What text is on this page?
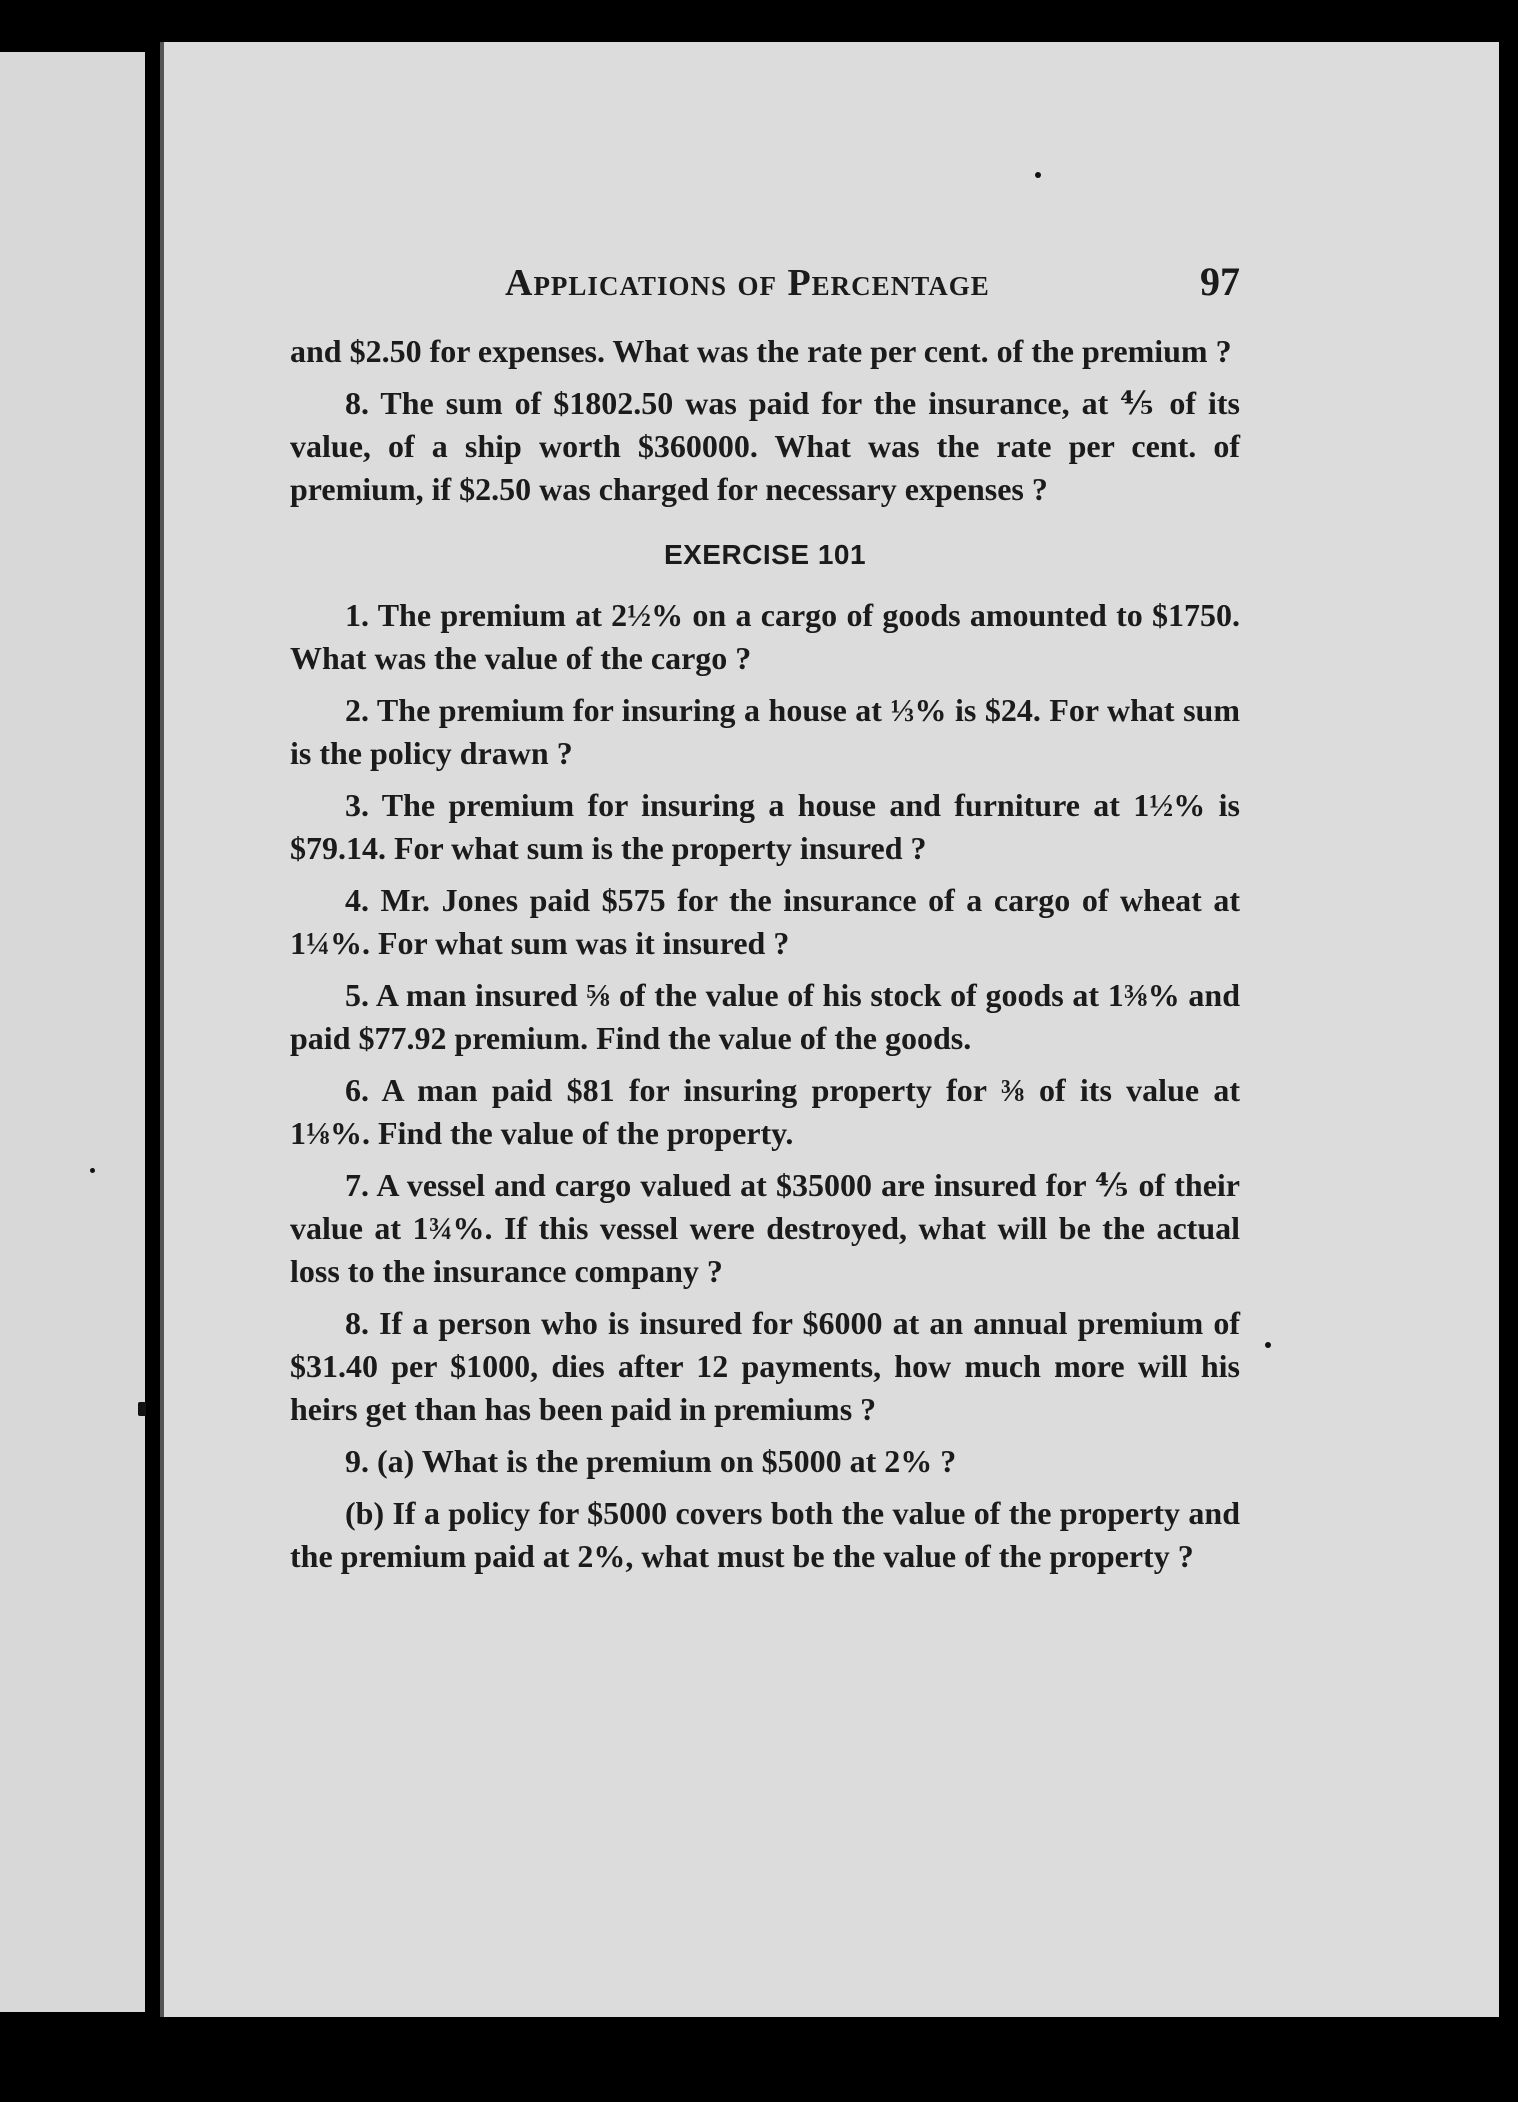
Applications of Percentage	97

and $2.50 for expenses. What was the rate per cent. of the premium ?

8. The sum of $1802.50 was paid for the insurance, at ⅘ of its value, of a ship worth $360000. What was the rate per cent. of premium, if $2.50 was charged for necessary expenses ?

EXERCISE 101

1. The premium at 2½% on a cargo of goods amounted to $1750. What was the value of the cargo ?

2. The premium for insuring a house at ⅓% is $24. For what sum is the policy drawn ?

3. The premium for insuring a house and furniture at 1½% is $79.14. For what sum is the property insured ?

4. Mr. Jones paid $575 for the insurance of a cargo of wheat at 1¼%. For what sum was it insured ?

5. A man insured ⅝ of the value of his stock of goods at 1⅜% and paid $77.92 premium. Find the value of the goods.

6. A man paid $81 for insuring property for ⅜ of its value at 1⅛%. Find the value of the property.

7. A vessel and cargo valued at $35000 are insured for ⅘ of their value at 1¾%. If this vessel were destroyed, what will be the actual loss to the insurance company ?

8. If a person who is insured for $6000 at an annual premium of $31.40 per $1000, dies after 12 payments, how much more will his heirs get than has been paid in premiums ?

9. (a) What is the premium on $5000 at 2% ?

(b) If a policy for $5000 covers both the value of the property and the premium paid at 2%, what must be the value of the property ?
